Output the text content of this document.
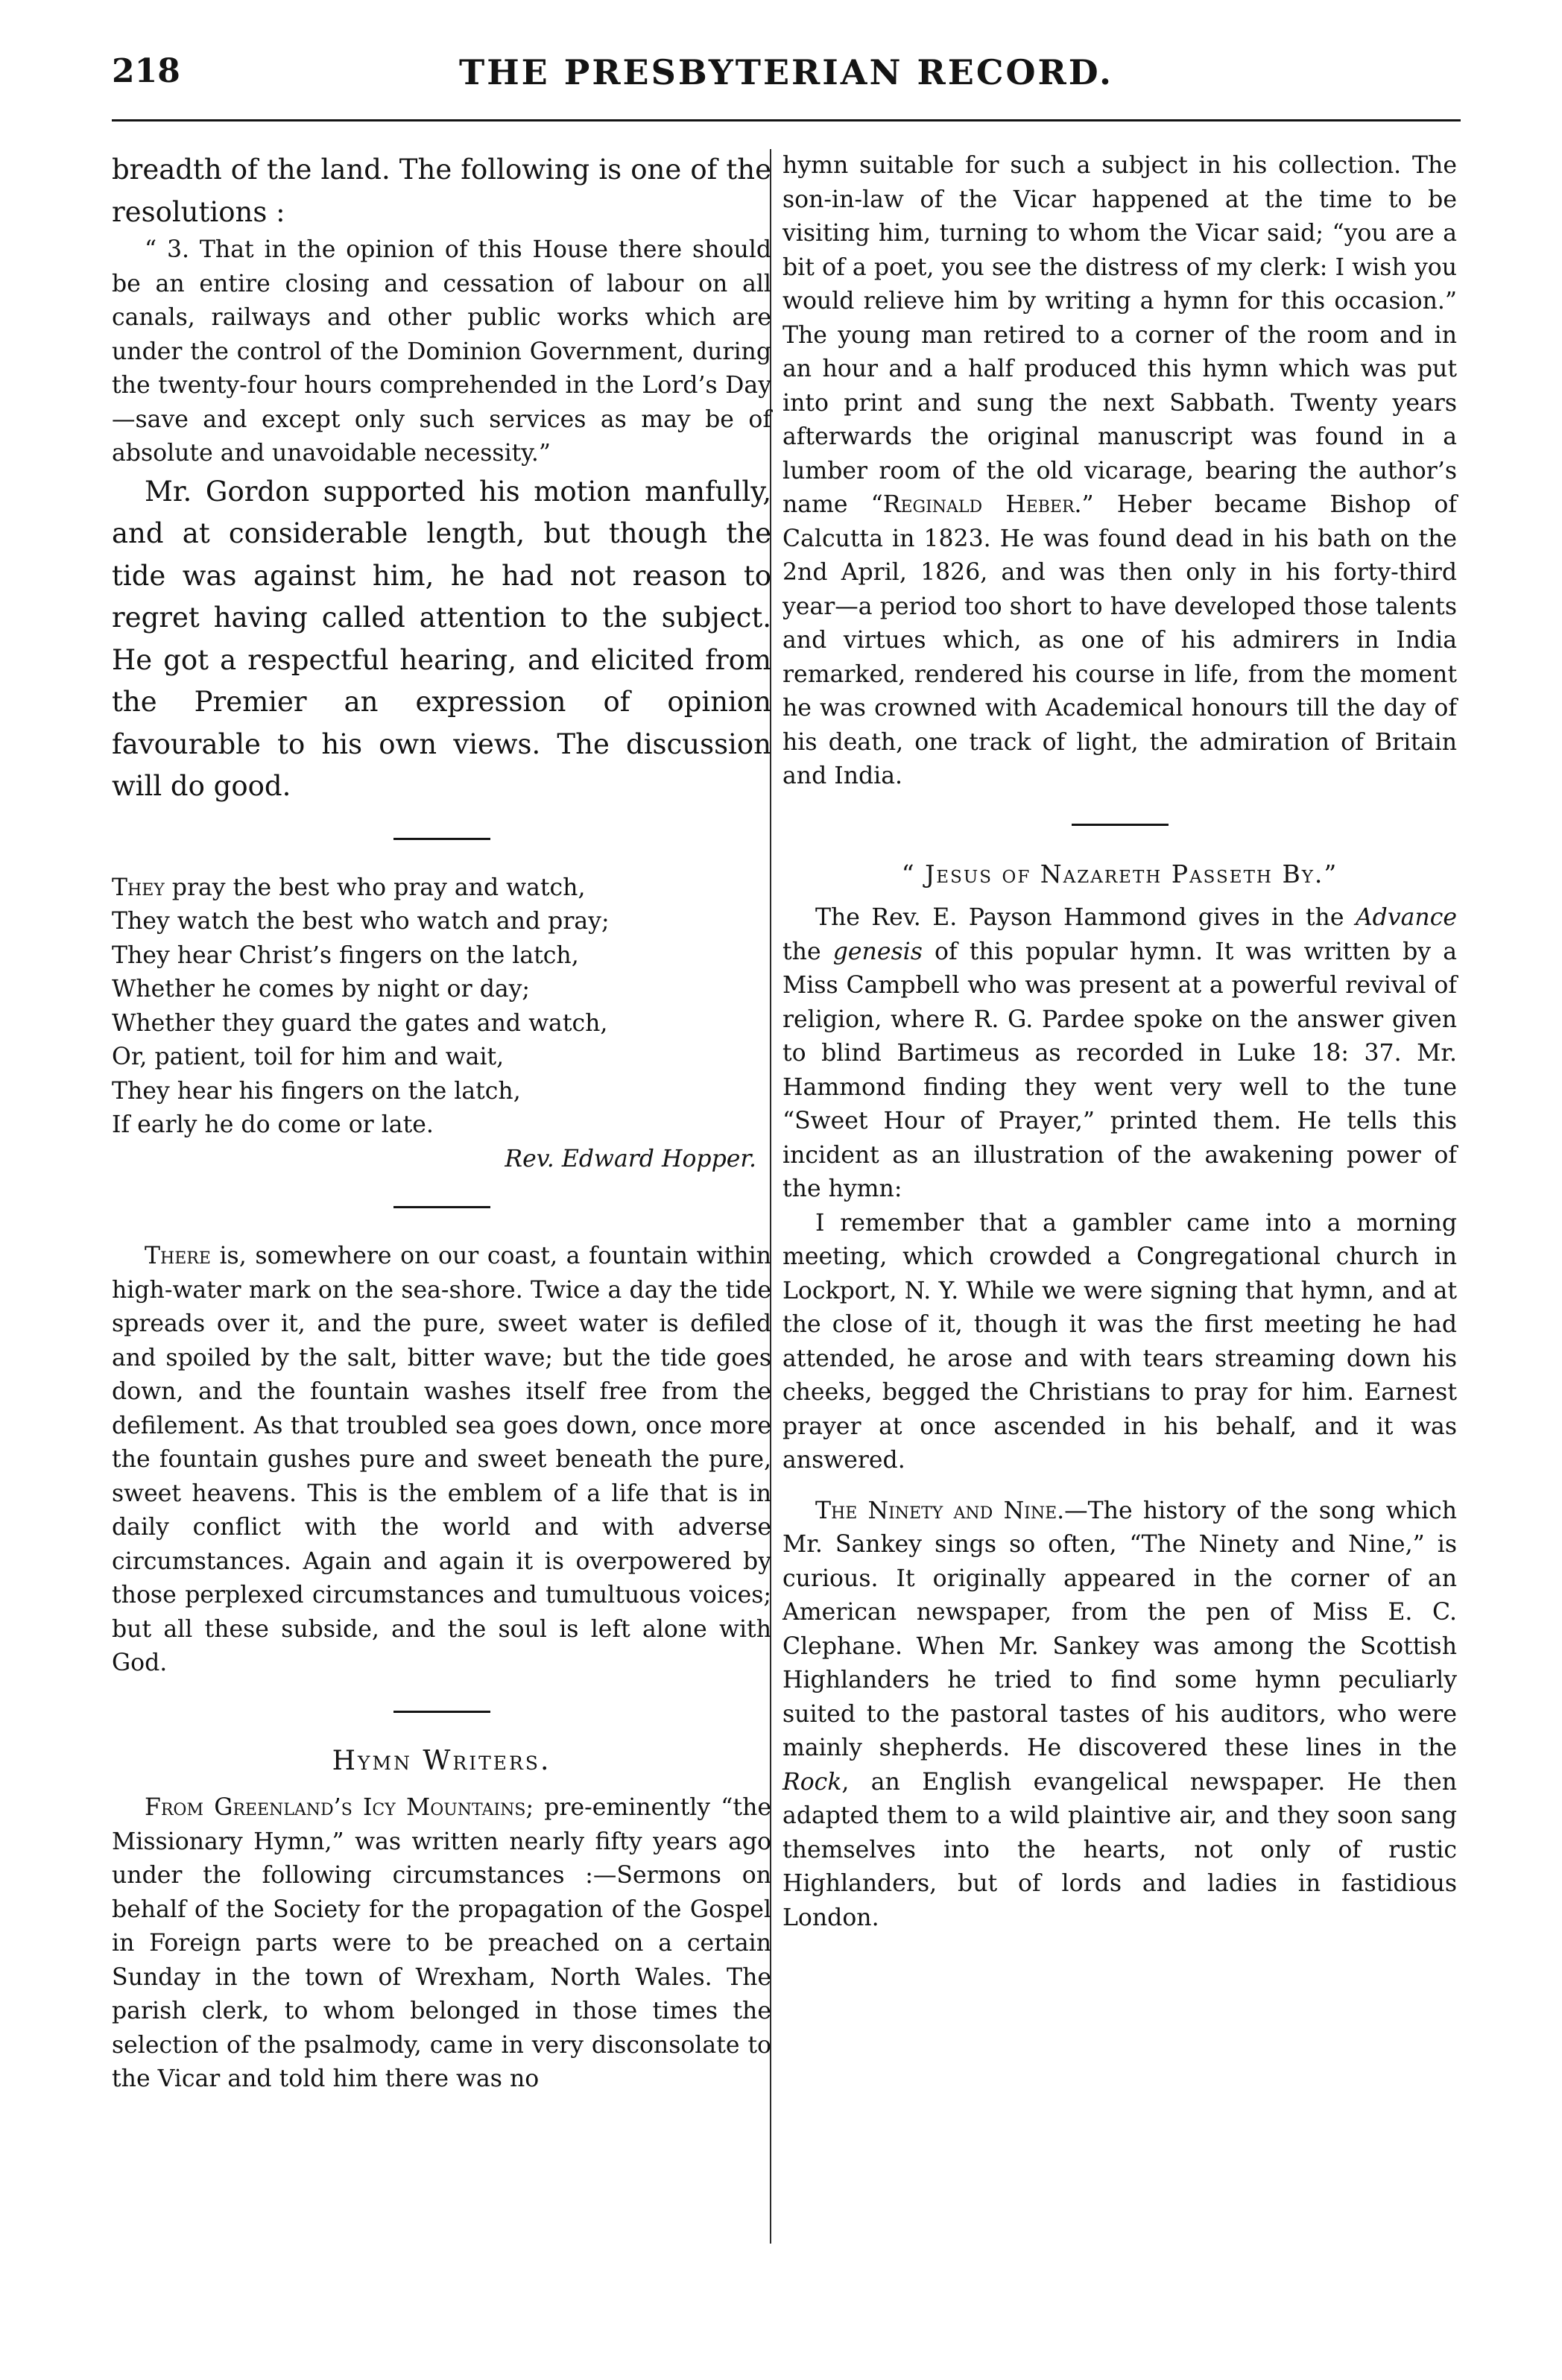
218	THE PRESBYTERIAN RECORD.

breadth of the land. The following is one of the resolutions :

“ 3. That in the opinion of this House there should be an entire closing and cessation of labour on all canals, railways and other public works which are under the control of the Dominion Government, during the twenty-four hours comprehended in the Lord’s Day—save and except only such services as may be of absolute and unavoidable necessity.”

Mr. Gordon supported his motion manfully, and at considerable length, but though the tide was against him, he had not reason to regret having called attention to the subject. He got a respectful hearing, and elicited from the Premier an expression of opinion favourable to his own views. The discussion will do good.

They pray the best who pray and watch,
They watch the best who watch and pray;
They hear Christ’s fingers on the latch,
Whether he comes by night or day;
Whether they guard the gates and watch,
Or, patient, toil for him and wait,
They hear his fingers on the latch,
If early he do come or late.

Rev. Edward Hopper.

There is, somewhere on our coast, a fountain within high-water mark on the sea-shore. Twice a day the tide spreads over it, and the pure, sweet water is defiled and spoiled by the salt, bitter wave; but the tide goes down, and the fountain washes itself free from the defilement. As that troubled sea goes down, once more the fountain gushes pure and sweet beneath the pure, sweet heavens. This is the emblem of a life that is in daily conflict with the world and with adverse circumstances. Again and again it is overpowered by those perplexed circumstances and tumultuous voices; but all these subside, and the soul is left alone with God.

Hymn Writers.

From Greenland’s Icy Mountains; pre-eminently “the Missionary Hymn,” was written nearly fifty years ago under the following circumstances :—Sermons on behalf of the Society for the propagation of the Gospel in Foreign parts were to be preached on a certain Sunday in the town of Wrexham, North Wales. The parish clerk, to whom belonged in those times the selection of the psalmody, came in very disconsolate to the Vicar and told him there was no

hymn suitable for such a subject in his collection. The son-in-law of the Vicar happened at the time to be visiting him, turning to whom the Vicar said; “you are a bit of a poet, you see the distress of my clerk: I wish you would relieve him by writing a hymn for this occasion.” The young man retired to a corner of the room and in an hour and a half produced this hymn which was put into print and sung the next Sabbath. Twenty years afterwards the original manuscript was found in a lumber room of the old vicarage, bearing the author’s name “Reginald Heber.” Heber became Bishop of Calcutta in 1823. He was found dead in his bath on the 2nd April, 1826, and was then only in his forty-third year—a period too short to have developed those talents and virtues which, as one of his admirers in India remarked, rendered his course in life, from the moment he was crowned with Academical honours till the day of his death, one track of light, the admiration of Britain and India.

“ Jesus of Nazareth Passeth By.”

The Rev. E. Payson Hammond gives in the Advance the genesis of this popular hymn. It was written by a Miss Campbell who was present at a powerful revival of religion, where R. G. Pardee spoke on the answer given to blind Bartimeus as recorded in Luke 18: 37. Mr. Hammond finding they went very well to the tune “Sweet Hour of Prayer,” printed them. He tells this incident as an illustration of the awakening power of the hymn:

I remember that a gambler came into a morning meeting, which crowded a Congregational church in Lockport, N. Y. While we were signing that hymn, and at the close of it, though it was the first meeting he had attended, he arose and with tears streaming down his cheeks, begged the Christians to pray for him. Earnest prayer at once ascended in his behalf, and it was answered.

The Ninety and Nine.—The history of the song which Mr. Sankey sings so often, “The Ninety and Nine,” is curious. It originally appeared in the corner of an American newspaper, from the pen of Miss E. C. Clephane. When Mr. Sankey was among the Scottish Highlanders he tried to find some hymn peculiarly suited to the pastoral tastes of his auditors, who were mainly shepherds. He discovered these lines in the Rock, an English evangelical newspaper. He then adapted them to a wild plaintive air, and they soon sang themselves into the hearts, not only of rustic Highlanders, but of lords and ladies in fastidious London.
